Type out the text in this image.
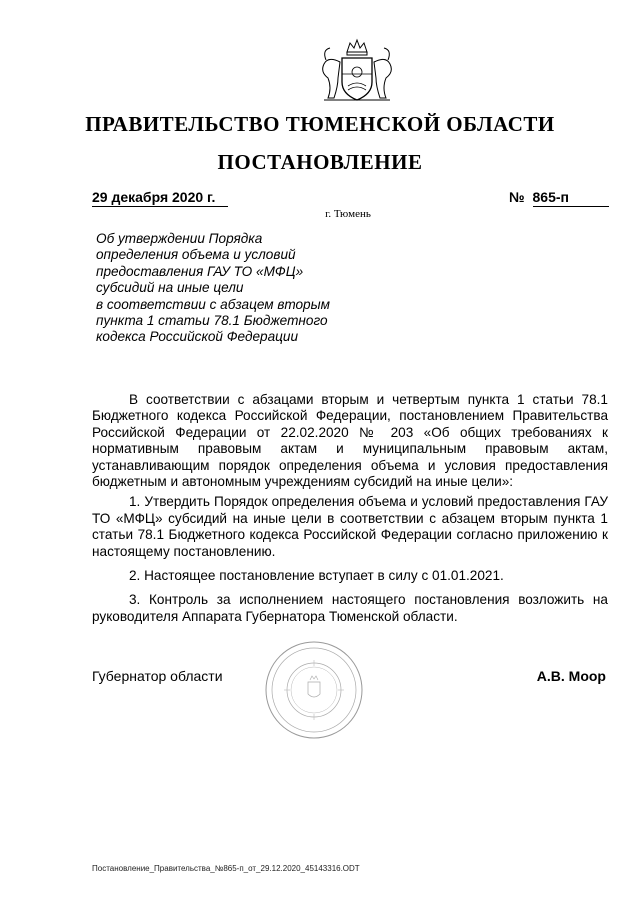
ПРАВИТЕЛЬСТВО ТЮМЕНСКОЙ ОБЛАСТИ
ПОСТАНОВЛЕНИЕ
29 декабря 2020 г.	№ 865-п
г. Тюмень
Об утверждении Порядка
определения объема и условий
предоставления ГАУ ТО «МФЦ»
субсидий на иные цели
в соответствии с абзацем вторым
пункта 1 статьи 78.1 Бюджетного
кодекса Российской Федерации

В соответствии с абзацами вторым и четвертым пункта 1 статьи 78.1 Бюджетного кодекса Российской Федерации, постановлением Правительства Российской Федерации от 22.02.2020 № 203 «Об общих требованиях к нормативным правовым актам и муниципальным правовым актам, устанавливающим порядок определения объема и условия предоставления бюджетным и автономным учреждениям субсидий на иные цели»:

1. Утвердить Порядок определения объема и условий предоставления ГАУ ТО «МФЦ» субсидий на иные цели в соответствии с абзацем вторым пункта 1 статьи 78.1 Бюджетного кодекса Российской Федерации согласно приложению к настоящему постановлению.

2. Настоящее постановление вступает в силу с 01.01.2021.

3. Контроль за исполнением настоящего постановления возложить на руководителя Аппарата Губернатора Тюменской области.

Губернатор области	А.В. Моор
Постановление_Правительства_№865-п_от_29.12.2020_45143316.ODT
